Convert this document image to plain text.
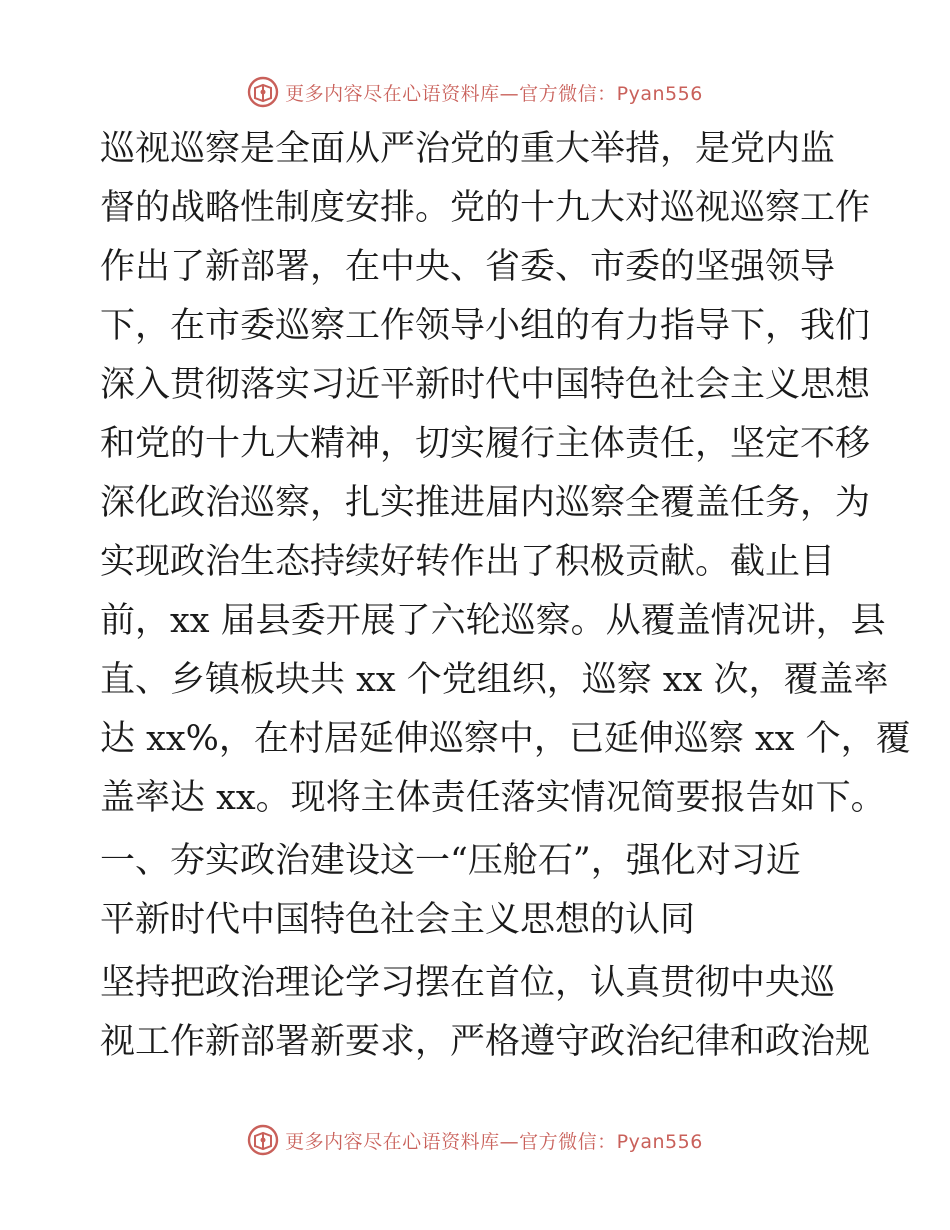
更多内容尽在心语资料库—官方微信：Pyan556

巡视巡察是全面从严治党的重大举措，是党内监
督的战略性制度安排。党的十九大对巡视巡察工作
作出了新部署，在中央、省委、市委的坚强领导
下，在市委巡察工作领导小组的有力指导下，我们
深入贯彻落实习近平新时代中国特色社会主义思想
和党的十九大精神，切实履行主体责任，坚定不移
深化政治巡察，扎实推进届内巡察全覆盖任务，为
实现政治生态持续好转作出了积极贡献。截止目
前，xx 届县委开展了六轮巡察。从覆盖情况讲，县
直、乡镇板块共 xx 个党组织，巡察 xx 次，覆盖率
达 xx%，在村居延伸巡察中，已延伸巡察 xx 个，覆
盖率达 xx。现将主体责任落实情况简要报告如下。

一、夯实政治建设这一“压舱石”，强化对习近
平新时代中国特色社会主义思想的认同

坚持把政治理论学习摆在首位，认真贯彻中央巡
视工作新部署新要求，严格遵守政治纪律和政治规

更多内容尽在心语资料库—官方微信：Pyan556
